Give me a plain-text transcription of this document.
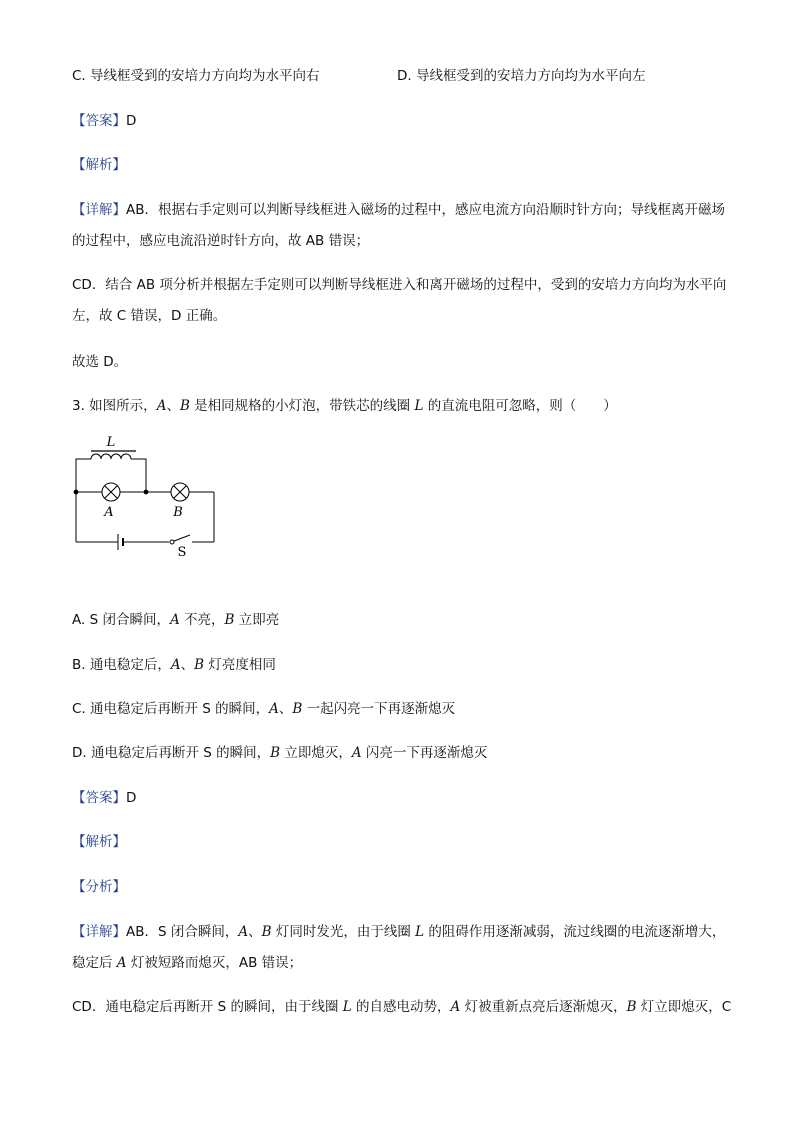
C. 导线框受到的安培力方向均为水平向右	D. 导线框受到的安培力方向均为水平向左
【答案】D
【解析】
【详解】AB．根据右手定则可以判断导线框进入磁场的过程中，感应电流方向沿顺时针方向；导线框离开磁场的过程中，感应电流沿逆时针方向，故 AB 错误；
CD．结合 AB 项分析并根据左手定则可以判断导线框进入和离开磁场的过程中，受到的安培力方向均为水平向左，故 C 错误，D 正确。
故选 D。
3. 如图所示，A、B 是相同规格的小灯泡，带铁芯的线圈 L 的直流电阻可忽略，则（　　）
L
A	B
S
A. S 闭合瞬间，A 不亮，B 立即亮
B. 通电稳定后，A、B 灯亮度相同
C. 通电稳定后再断开 S 的瞬间，A、B 一起闪亮一下再逐渐熄灭
D. 通电稳定后再断开 S 的瞬间，B 立即熄灭，A 闪亮一下再逐渐熄灭
【答案】D
【解析】
【分析】
【详解】AB．S 闭合瞬间，A、B 灯同时发光，由于线圈 L 的阻碍作用逐渐减弱，流过线圈的电流逐渐增大，稳定后 A 灯被短路而熄灭，AB 错误；
CD．通电稳定后再断开 S 的瞬间，由于线圈 L 的自感电动势，A 灯被重新点亮后逐渐熄灭，B 灯立即熄灭，C
